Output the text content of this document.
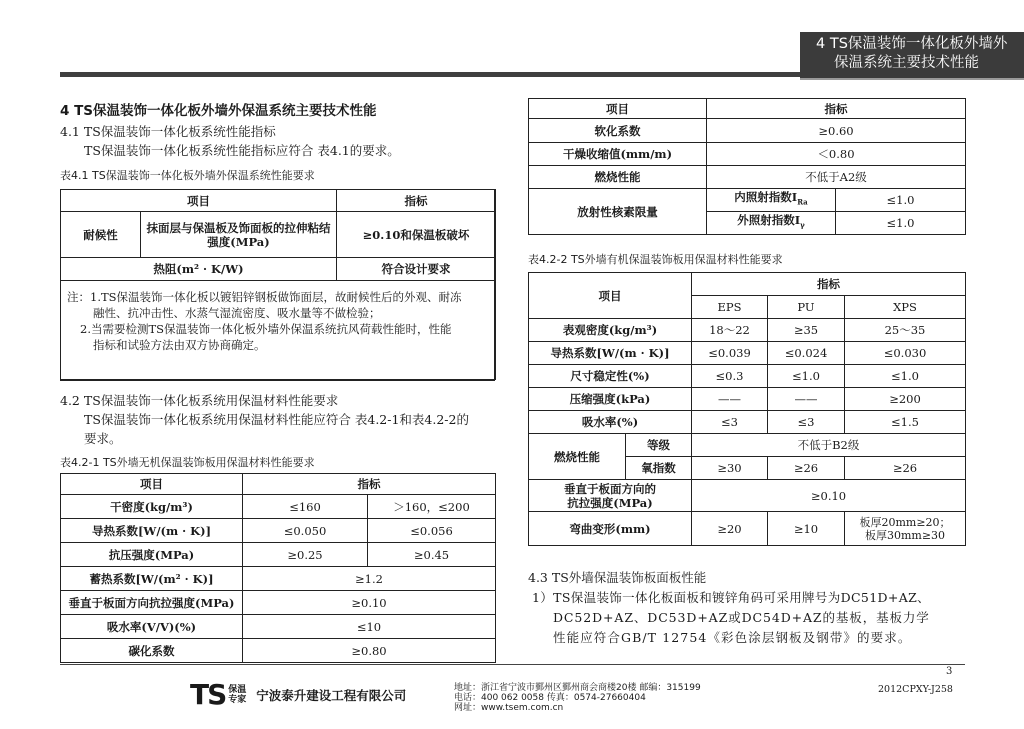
4 TS保温装饰一体化板外墙外
保温系统主要技术性能
4 TS保温装饰一体化板外墙外保温系统主要技术性能
4.1 TS保温装饰一体化板系统性能指标
TS保温装饰一体化板系统性能指标应符合 表4.1的要求。
表4.1 TS保温装饰一体化板外墙外保温系统性能要求
项目		指标
耐候性	抹面层与保温板及饰面板的拉伸粘结强度(MPa)	≥0.10和保温板破坏
热阻(m² · K/W)		符合设计要求

注：1.TS保温装饰一体化板以镀铝锌钢板做饰面层，故耐候性后的外观、耐冻
融性、抗冲击性、水蒸气湿流密度、吸水量等不做检验；
2.当需要检测TS保温装饰一体化板外墙外保温系统抗风荷载性能时，性能
指标和试验方法由双方协商确定。		
4.2 TS保温装饰一体化板系统用保温材料性能要求
TS保温装饰一体化板系统用保温材料性能应符合 表4.2-1和表4.2-2的
要求。
表4.2-1 TS外墙无机保温装饰板用保温材料性能要求
项目	指标	
干密度(kg/m³)	≤160	＞160，≤200
导热系数[W/(m · K)]	≤0.050	≤0.056
抗压强度(MPa)	≥0.25	≥0.45
蓄热系数[W/(m² · K)]	≥1.2	
垂直于板面方向抗拉强度(MPa)	≥0.10	
吸水率(V/V)(%)	≤10	
碳化系数	≥0.80	
项目	指标	
软化系数	≥0.60	
干燥收缩值(mm/m)	＜0.80	
燃烧性能	不低于A2级	
放射性核素限量	内照射指数$I_{Ra}$	≤1.0
	外照射指数$I_\gamma$	≤1.0
表4.2-2 TS外墙有机保温装饰板用保温材料性能要求
项目		指标		
		EPS	PU	XPS
表观密度(kg/m³)		18～22	≥35	25～35
导热系数[W/(m · K)]		≤0.039	≤0.024	≤0.030
尺寸稳定性(%)		≤0.3	≤1.0	≤1.0
压缩强度(kPa)		——	——	≥200
吸水率(%)		≤3	≤3	≤1.5
燃烧性能	等级	不低于B2级		
	氧指数	≥30	≥26	≥26

垂直于板面方向的
抗拉强度(MPa)		≥0.10		
弯曲变形(mm)		≥20	≥10	板厚20mm≥20；
板厚30mm≥30
4.3 TS外墙保温装饰板面板性能
1）TS保温装饰一体化板面板和镀锌角码可采用牌号为DC51D+AZ、
DC52D+AZ、DC53D+AZ或DC54D+AZ的基板，基板力学
性能应符合GB/T 12754《彩色涂层钢板及钢带》的要求。
3
TS 保温
专家 宁波泰升建设工程有限公司	地址：浙江省宁波市鄞州区鄞州商会商楼20楼 邮编：315199
电话：400 062 0058 传真：0574-27660404
网址：www.tsem.com.cn
2012CPXY-J258
